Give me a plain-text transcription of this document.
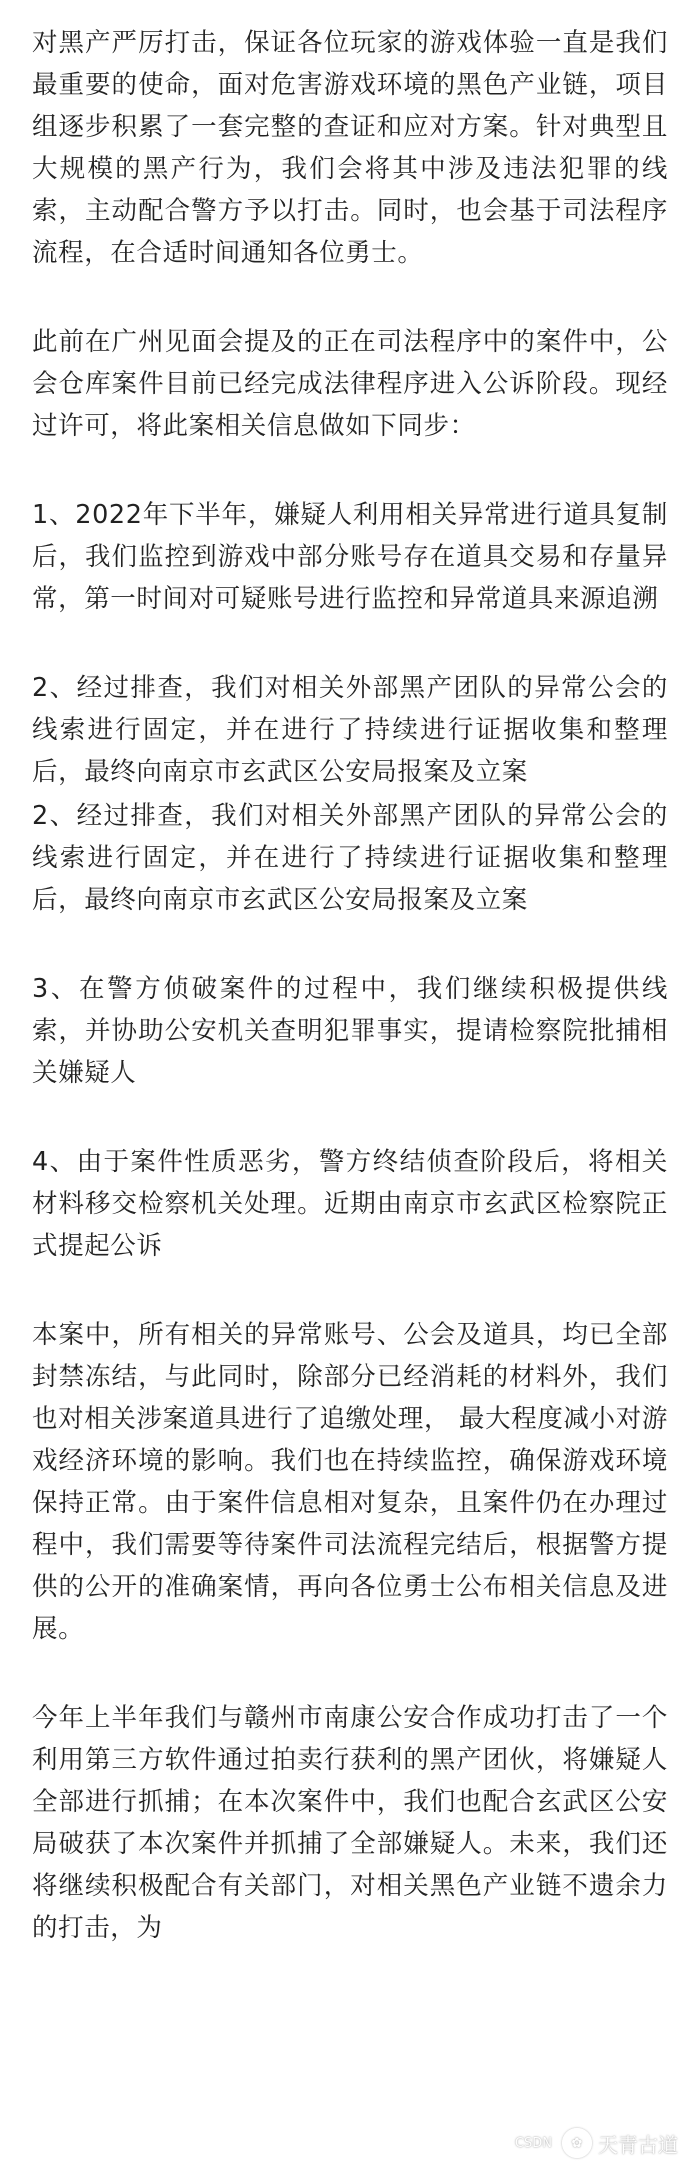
对黑产严厉打击，保证各位玩家的游戏体验一直是我们最重要的使命，面对危害游戏环境的黑色产业链，项目组逐步积累了一套完整的查证和应对方案。针对典型且大规模的黑产行为，我们会将其中涉及违法犯罪的线索，主动配合警方予以打击。同时，也会基于司法程序流程，在合适时间通知各位勇士。

此前在广州见面会提及的正在司法程序中的案件中，公会仓库案件目前已经完成法律程序进入公诉阶段。现经过许可，将此案相关信息做如下同步：

1、2022年下半年，嫌疑人利用相关异常进行道具复制后，我们监控到游戏中部分账号存在道具交易和存量异常，第一时间对可疑账号进行监控和异常道具来源追溯

2、经过排查，我们对相关外部黑产团队的异常公会的线索进行固定，并在进行了持续进行证据收集和整理后，最终向南京市玄武区公安局报案及立案

2、经过排查，我们对相关外部黑产团队的异常公会的线索进行固定，并在进行了持续进行证据收集和整理后，最终向南京市玄武区公安局报案及立案

3、在警方侦破案件的过程中，我们继续积极提供线索，并协助公安机关查明犯罪事实，提请检察院批捕相关嫌疑人

4、由于案件性质恶劣，警方终结侦查阶段后，将相关材料移交检察机关处理。近期由南京市玄武区检察院正式提起公诉

本案中，所有相关的异常账号、公会及道具，均已全部封禁冻结，与此同时，除部分已经消耗的材料外，我们也对相关涉案道具进行了追缴处理， 最大程度减小对游戏经济环境的影响。我们也在持续监控，确保游戏环境保持正常。由于案件信息相对复杂，且案件仍在办理过程中，我们需要等待案件司法流程完结后，根据警方提供的公开的准确案情，再向各位勇士公布相关信息及进展。

今年上半年我们与赣州市南康公安合作成功打击了一个利用第三方软件通过拍卖行获利的黑产团伙，将嫌疑人全部进行抓捕；在本次案件中，我们也配合玄武区公安局破获了本次案件并抓捕了全部嫌疑人。未来，我们还将继续积极配合有关部门，对相关黑色产业链不遗余力的打击，为

CSDN	✿ 天青古道
